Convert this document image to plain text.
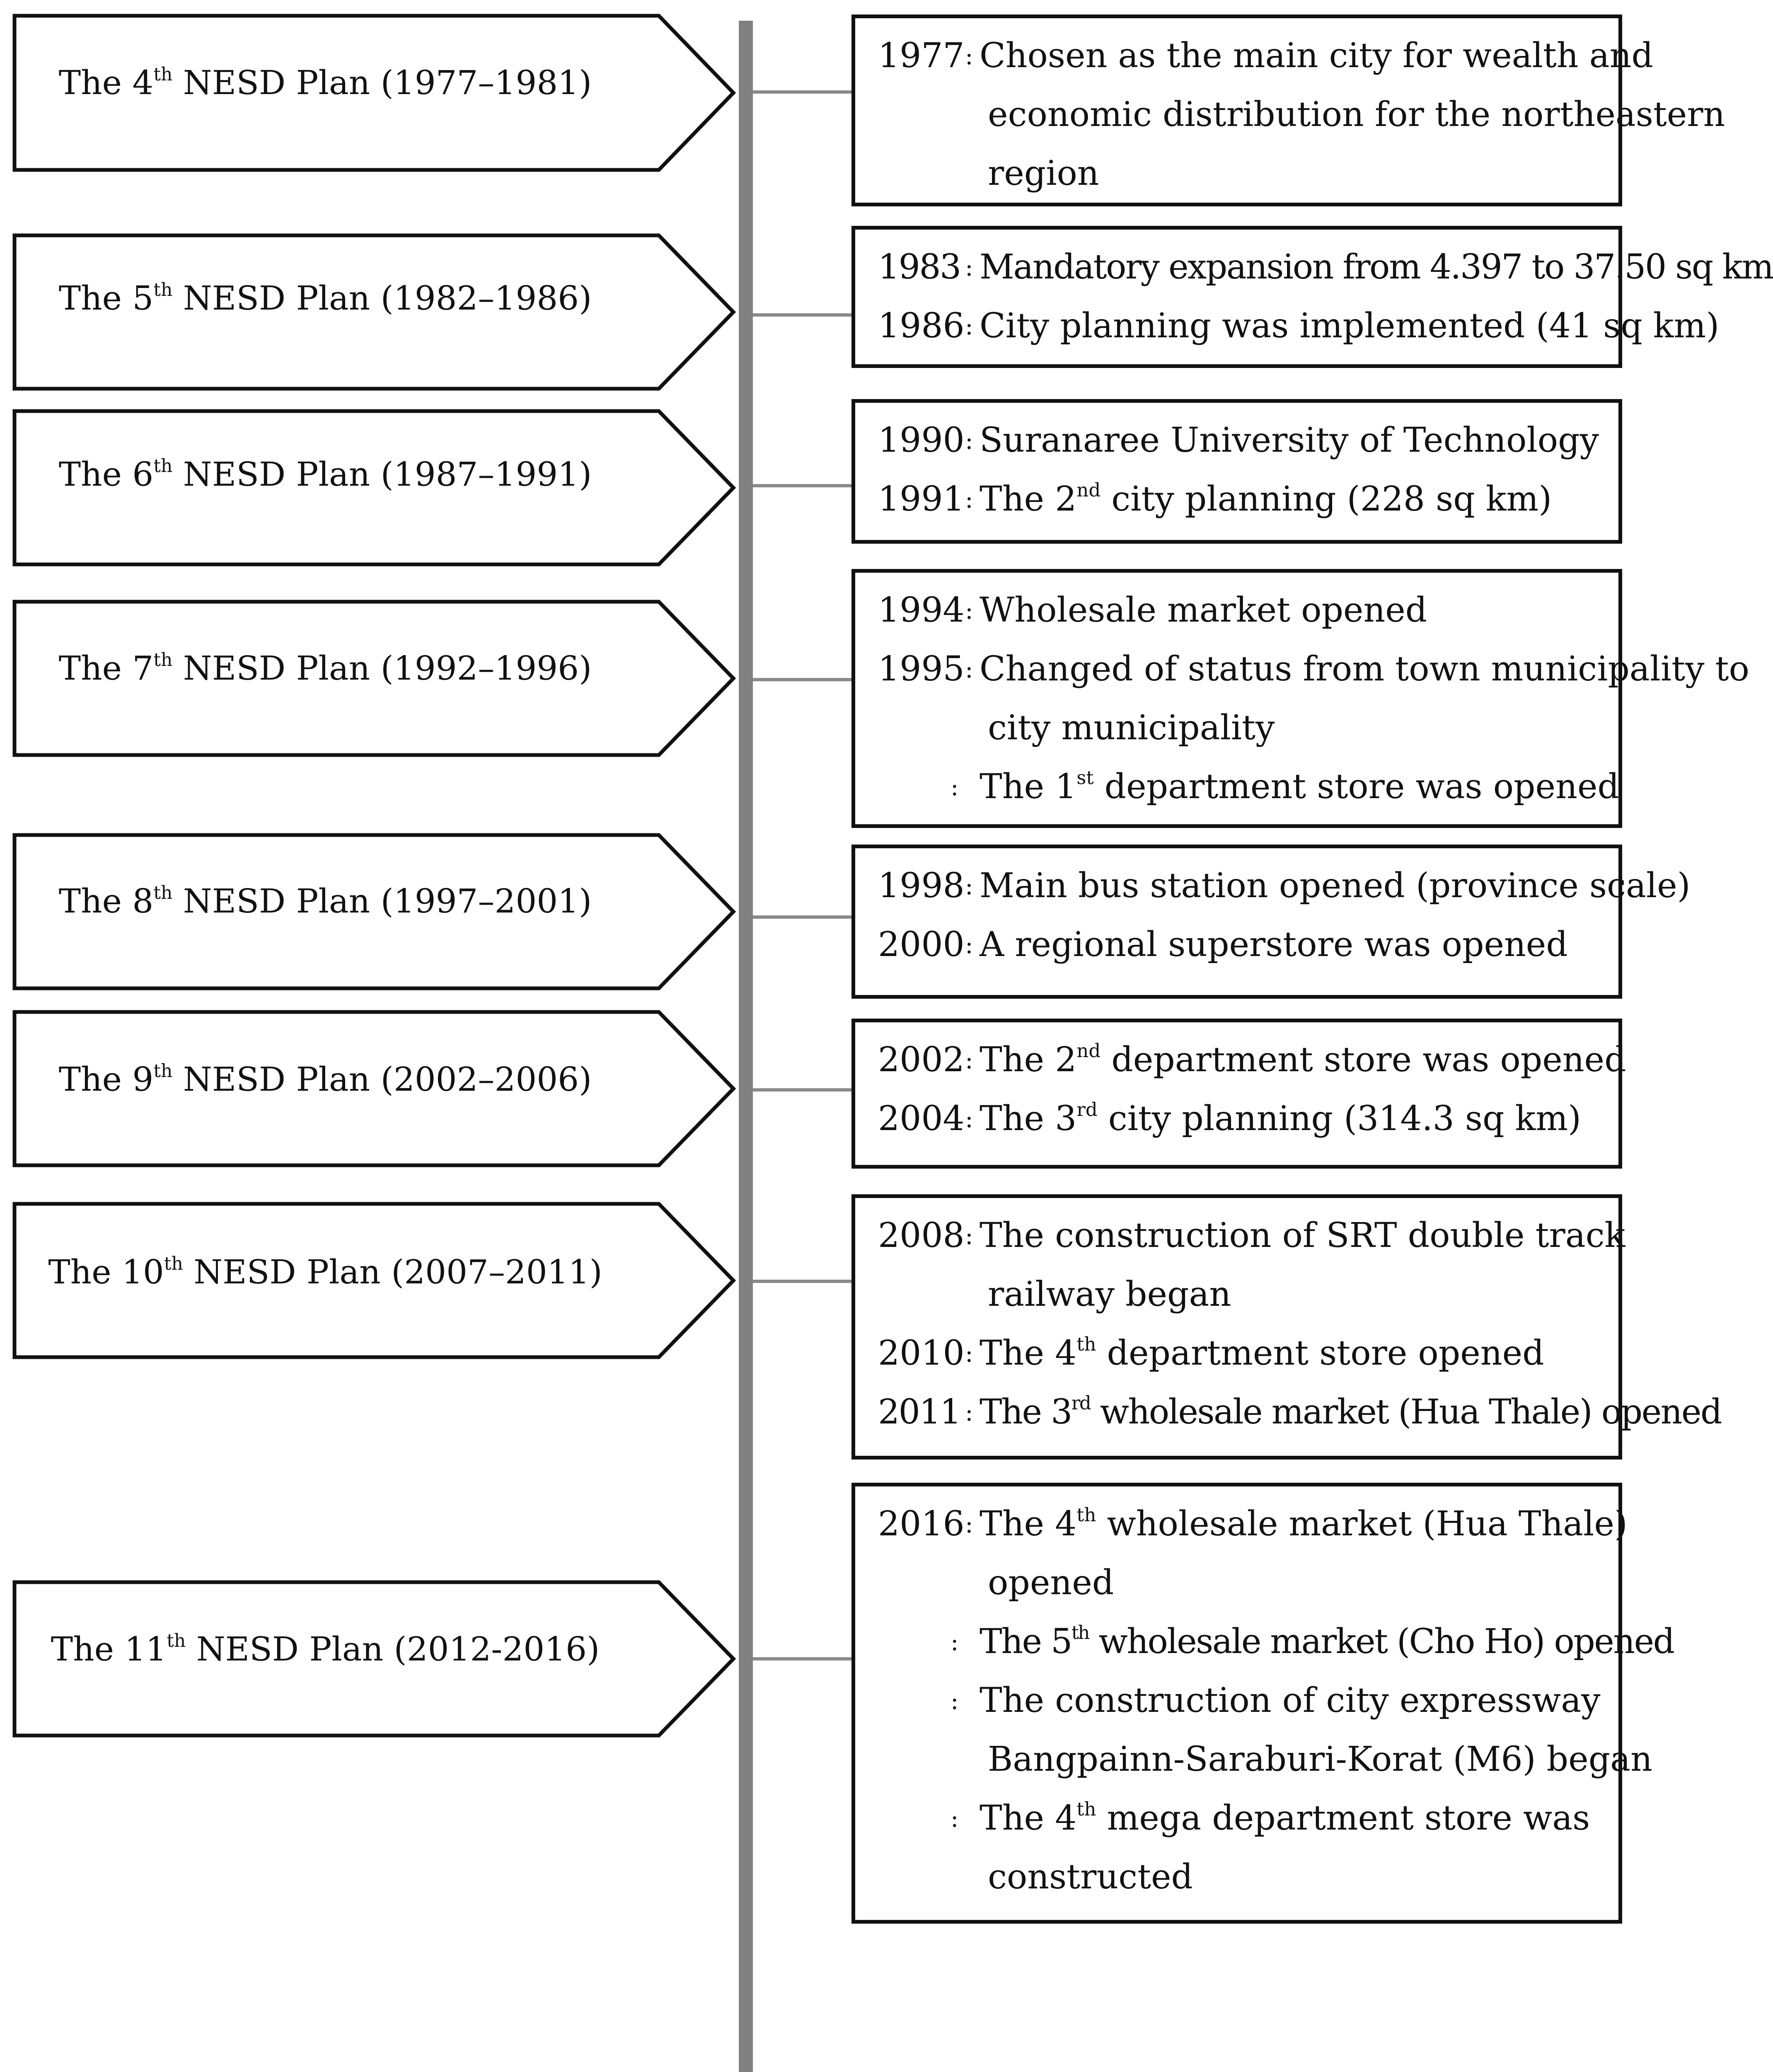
The 4th NESD Plan (1977–1981)
The 5th NESD Plan (1982–1986)
The 6th NESD Plan (1987–1991)
The 7th NESD Plan (1992–1996)
The 8th NESD Plan (1997–2001)
The 9th NESD Plan (2002–2006)
The 10th NESD Plan (2007–2011)
The 11th NESD Plan (2012-2016)
1977 : Chosen as the main city for wealth and
economic distribution for the northeastern
region
1983 : Mandatory expansion from 4.397 to 37.50 sq km
1986 : City planning was implemented (41 sq km)
1990 : Suranaree University of Technology
1991 : The 2nd city planning (228 sq km)
1994 : Wholesale market opened
1995 : Changed of status from town municipality to
city municipality
: The 1st department store was opened
1998 : Main bus station opened (province scale)
2000 : A regional superstore was opened
2002 : The 2nd department store was opened
2004 : The 3rd city planning (314.3 sq km)
2008 : The construction of SRT double track
railway began
2010 : The 4th department store opened
2011 : The 3rd wholesale market (Hua Thale) opened
2016 : The 4th wholesale market (Hua Thale)
opened
: The 5th wholesale market (Cho Ho) opened
: The construction of city expressway
Bangpainn-Saraburi-Korat (M6) began
: The 4th mega department store was
constructed
